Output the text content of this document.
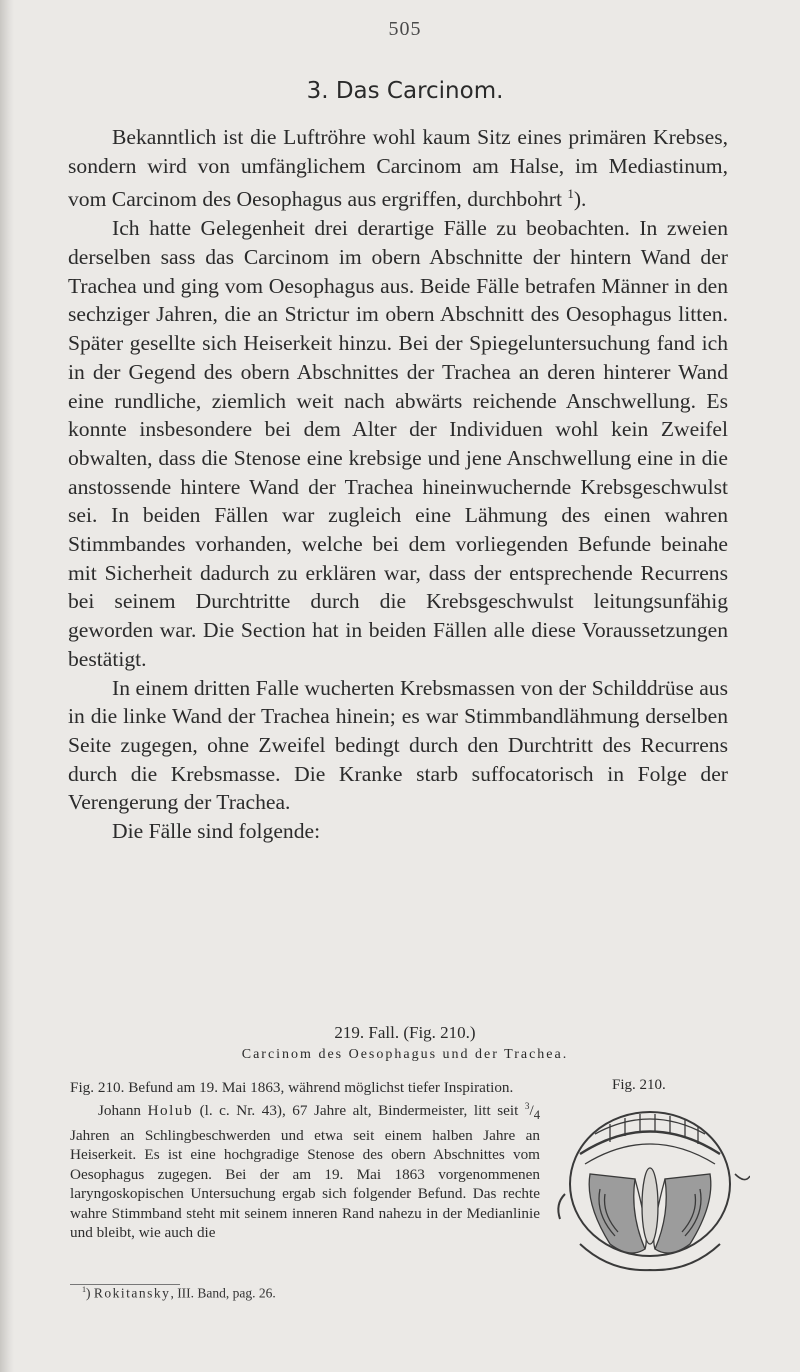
505
3. Das Carcinom.

Bekanntlich ist die Luftröhre wohl kaum Sitz eines primären Krebses, sondern wird von umfänglichem Carcinom am Halse, im Mediastinum, vom Carcinom des Oesophagus aus ergriffen, durchbohrt $^1$).

Ich hatte Gelegenheit drei derartige Fälle zu beobachten. In zweien derselben sass das Carcinom im obern Abschnitte der hintern Wand der Trachea und ging vom Oesophagus aus. Beide Fälle betrafen Männer in den sechziger Jahren, die an Strictur im obern Abschnitt des Oesophagus litten. Später gesellte sich Heiserkeit hinzu. Bei der Spiegeluntersuchung fand ich in der Gegend des obern Abschnittes der Trachea an deren hinterer Wand eine rundliche, ziemlich weit nach abwärts reichende Anschwellung. Es konnte insbesondere bei dem Alter der Individuen wohl kein Zweifel obwalten, dass die Stenose eine krebsige und jene Anschwellung eine in die anstossende hintere Wand der Trachea hineinwuchernde Krebsgeschwulst sei. In beiden Fällen war zugleich eine Lähmung des einen wahren Stimmbandes vorhanden, welche bei dem vorliegenden Befunde beinahe mit Sicherheit dadurch zu erklären war, dass der entsprechende Recurrens bei seinem Durchtritte durch die Krebsgeschwulst leitungsunfähig geworden war. Die Section hat in beiden Fällen alle diese Voraussetzungen bestätigt.

In einem dritten Falle wucherten Krebsmassen von der Schilddrüse aus in die linke Wand der Trachea hinein; es war Stimmbandlähmung derselben Seite zugegen, ohne Zweifel bedingt durch den Durchtritt des Recurrens durch die Krebsmasse. Die Kranke starb suffocatorisch in Folge der Verengerung der Trachea.

Die Fälle sind folgende:

219. Fall. (Fig. 210.)
Carcinom des Oesophagus und der Trachea.

Fig. 210. Befund am 19. Mai 1863, während möglichst tiefer Inspiration.

Johann Holub (l. c. Nr. 43), 67 Jahre alt, Bindermeister, litt seit $^3/_4$ Jahren an Schlingbeschwerden und etwa seit einem halben Jahre an Heiserkeit. Es ist eine hochgradige Stenose des obern Abschnittes vom Oesophagus zugegen. Bei der am 19. Mai 1863 vorgenommenen laryngoskopischen Untersuchung ergab sich folgender Befund. Das rechte wahre Stimmband steht mit seinem inneren Rand nahezu in der Medianlinie und bleibt, wie auch die

Fig. 210.
$^1$) Rokitansky, III. Band, pag. 26.
